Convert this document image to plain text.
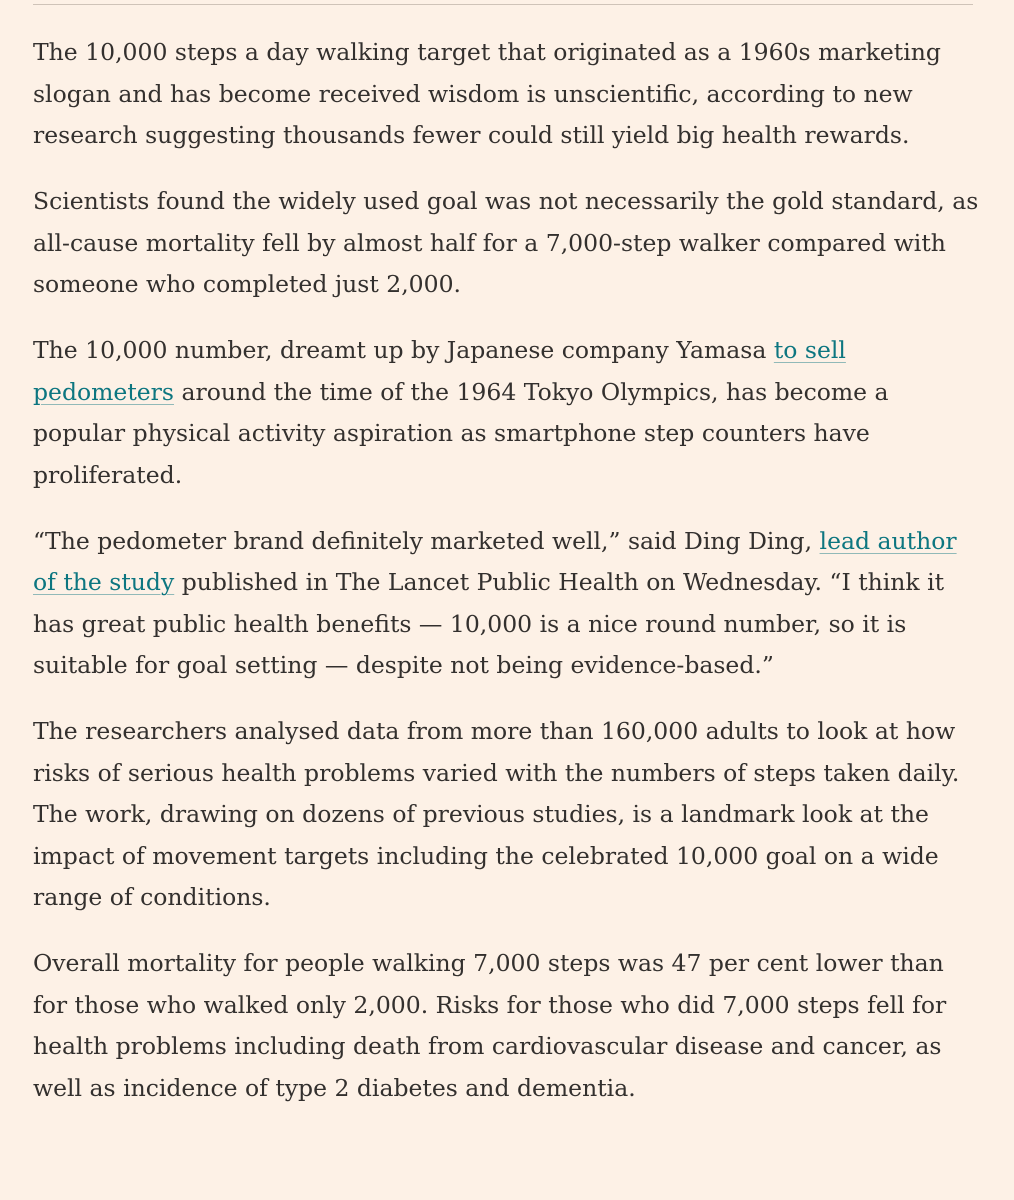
The 10,000 steps a day walking target that originated as a 1960s marketing slogan and has become received wisdom is unscientific, according to new research suggesting thousands fewer could still yield big health rewards.

Scientists found the widely used goal was not necessarily the gold standard, as all-cause mortality fell by almost half for a 7,000-step walker compared with someone who completed just 2,000.

The 10,000 number, dreamt up by Japanese company Yamasa to sell pedometers around the time of the 1964 Tokyo Olympics, has become a popular physical activity aspiration as smartphone step counters have proliferated.

“The pedometer brand definitely marketed well,” said Ding Ding, lead author of the study published in The Lancet Public Health on Wednesday. “I think it has great public health benefits — 10,000 is a nice round number, so it is suitable for goal setting — despite not being evidence-based.”

The researchers analysed data from more than 160,000 adults to look at how risks of serious health problems varied with the numbers of steps taken daily. The work, drawing on dozens of previous studies, is a landmark look at the impact of movement targets including the celebrated 10,000 goal on a wide range of conditions.

Overall mortality for people walking 7,000 steps was 47 per cent lower than for those who walked only 2,000. Risks for those who did 7,000 steps fell for health problems including death from cardiovascular disease and cancer, as well as incidence of type 2 diabetes and dementia.
